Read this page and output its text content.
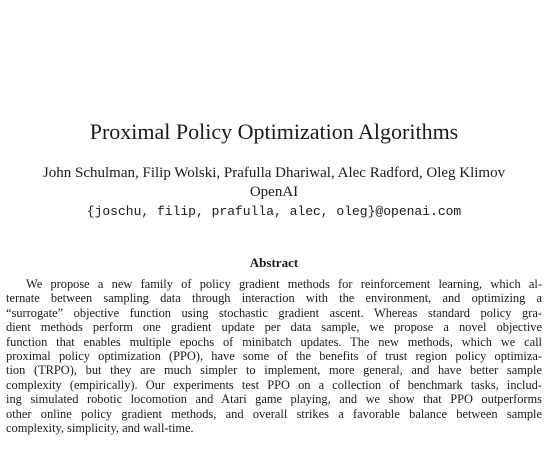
Proximal Policy Optimization Algorithms
John Schulman, Filip Wolski, Prafulla Dhariwal, Alec Radford, Oleg Klimov
OpenAI
{joschu, filip, prafulla, alec, oleg}@openai.com
Abstract
We propose a new family of policy gradient methods for reinforcement learning, which al-
ternate between sampling data through interaction with the environment, and optimizing a
“surrogate” objective function using stochastic gradient ascent. Whereas standard policy gra-
dient methods perform one gradient update per data sample, we propose a novel objective
function that enables multiple epochs of minibatch updates. The new methods, which we call
proximal policy optimization (PPO), have some of the benefits of trust region policy optimiza-
tion (TRPO), but they are much simpler to implement, more general, and have better sample
complexity (empirically). Our experiments test PPO on a collection of benchmark tasks, includ-
ing simulated robotic locomotion and Atari game playing, and we show that PPO outperforms
other online policy gradient methods, and overall strikes a favorable balance between sample
complexity, simplicity, and wall-time.
